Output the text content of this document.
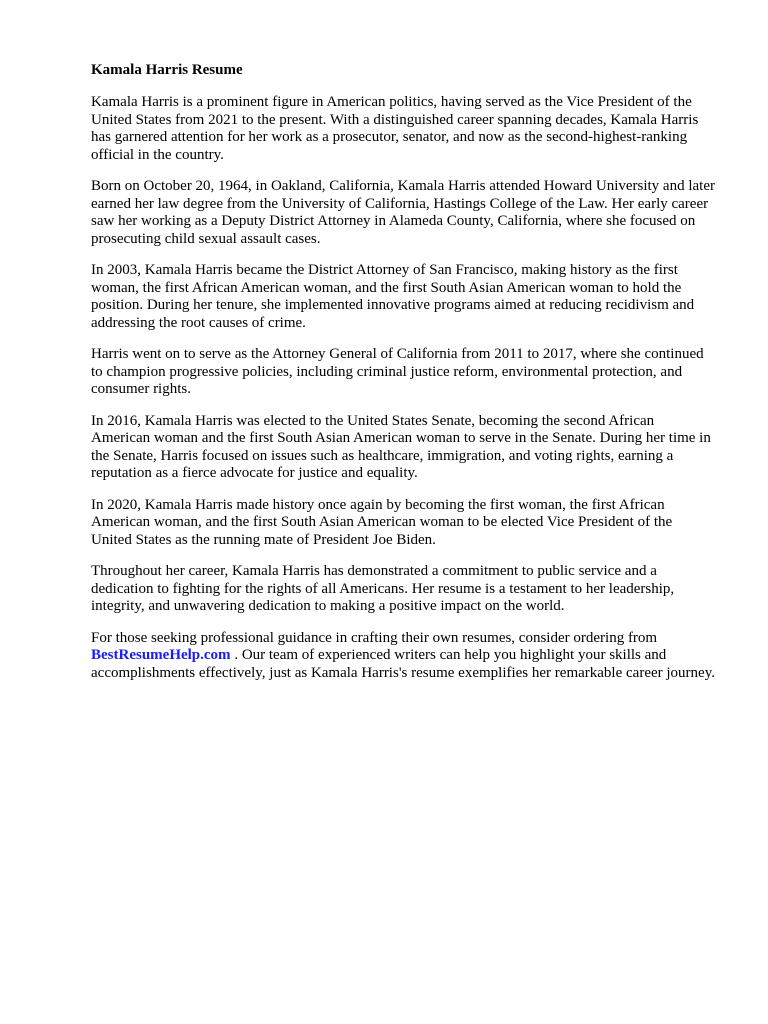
Kamala Harris Resume

Kamala Harris is a prominent figure in American politics, having served as the Vice President of the United States from 2021 to the present. With a distinguished career spanning decades, Kamala Harris has garnered attention for her work as a prosecutor, senator, and now as the second-highest-ranking official in the country.

Born on October 20, 1964, in Oakland, California, Kamala Harris attended Howard University and later earned her law degree from the University of California, Hastings College of the Law. Her early career saw her working as a Deputy District Attorney in Alameda County, California, where she focused on prosecuting child sexual assault cases.

In 2003, Kamala Harris became the District Attorney of San Francisco, making history as the first woman, the first African American woman, and the first South Asian American woman to hold the position. During her tenure, she implemented innovative programs aimed at reducing recidivism and addressing the root causes of crime.

Harris went on to serve as the Attorney General of California from 2011 to 2017, where she continued to champion progressive policies, including criminal justice reform, environmental protection, and consumer rights.

In 2016, Kamala Harris was elected to the United States Senate, becoming the second African American woman and the first South Asian American woman to serve in the Senate. During her time in the Senate, Harris focused on issues such as healthcare, immigration, and voting rights, earning a reputation as a fierce advocate for justice and equality.

In 2020, Kamala Harris made history once again by becoming the first woman, the first African American woman, and the first South Asian American woman to be elected Vice President of the United States as the running mate of President Joe Biden.

Throughout her career, Kamala Harris has demonstrated a commitment to public service and a dedication to fighting for the rights of all Americans. Her resume is a testament to her leadership, integrity, and unwavering dedication to making a positive impact on the world.

For those seeking professional guidance in crafting their own resumes, consider ordering from
BestResumeHelp.com . Our team of experienced writers can help you highlight your skills and accomplishments effectively, just as Kamala Harris's resume exemplifies her remarkable career journey.
